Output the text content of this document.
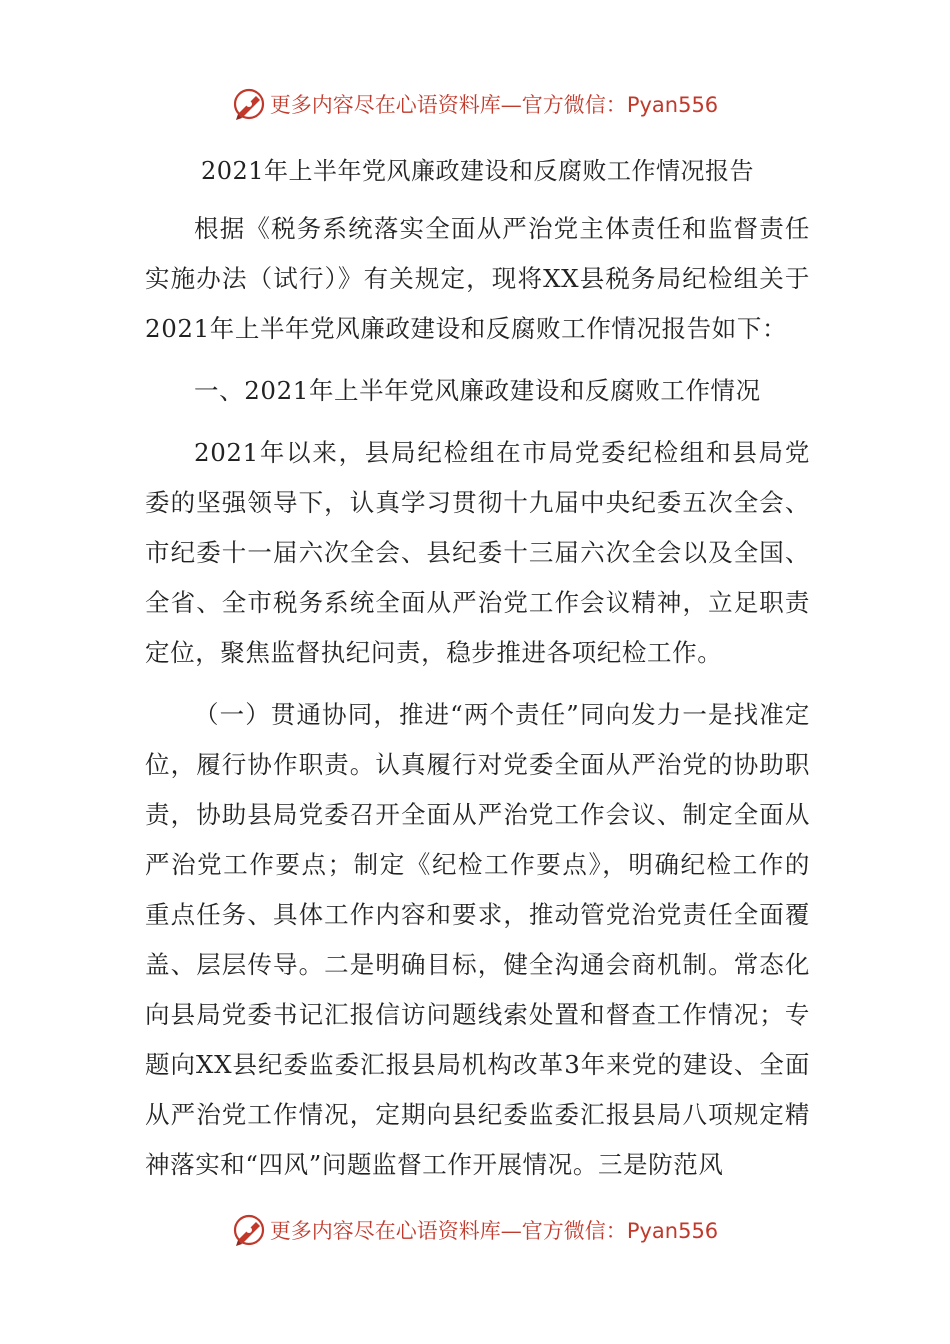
更多内容尽在心语资料库—官方微信：Pyan556
2021年上半年党风廉政建设和反腐败工作情况报告

根据《税务系统落实全面从严治党主体责任和监督责任实施办法（试行）》有关规定，现将XX县税务局纪检组关于2021年上半年党风廉政建设和反腐败工作情况报告如下：

一、2021年上半年党风廉政建设和反腐败工作情况

2021年以来，县局纪检组在市局党委纪检组和县局党委的坚强领导下，认真学习贯彻十九届中央纪委五次全会、市纪委十一届六次全会、县纪委十三届六次全会以及全国、全省、全市税务系统全面从严治党工作会议精神，立足职责定位，聚焦监督执纪问责，稳步推进各项纪检工作。

（一）贯通协同，推进“两个责任”同向发力一是找准定位，履行协作职责。认真履行对党委全面从严治党的协助职责，协助县局党委召开全面从严治党工作会议、制定全面从严治党工作要点；制定《纪检工作要点》，明确纪检工作的重点任务、具体工作内容和要求，推动管党治党责任全面覆盖、层层传导。二是明确目标，健全沟通会商机制。常态化向县局党委书记汇报信访问题线索处置和督查工作情况；专题向XX县纪委监委汇报县局机构改革3年来党的建设、全面从严治党工作情况，定期向县纪委监委汇报县局八项规定精神落实和“四风”问题监督工作开展情况。三是防范风

更多内容尽在心语资料库—官方微信：Pyan556
